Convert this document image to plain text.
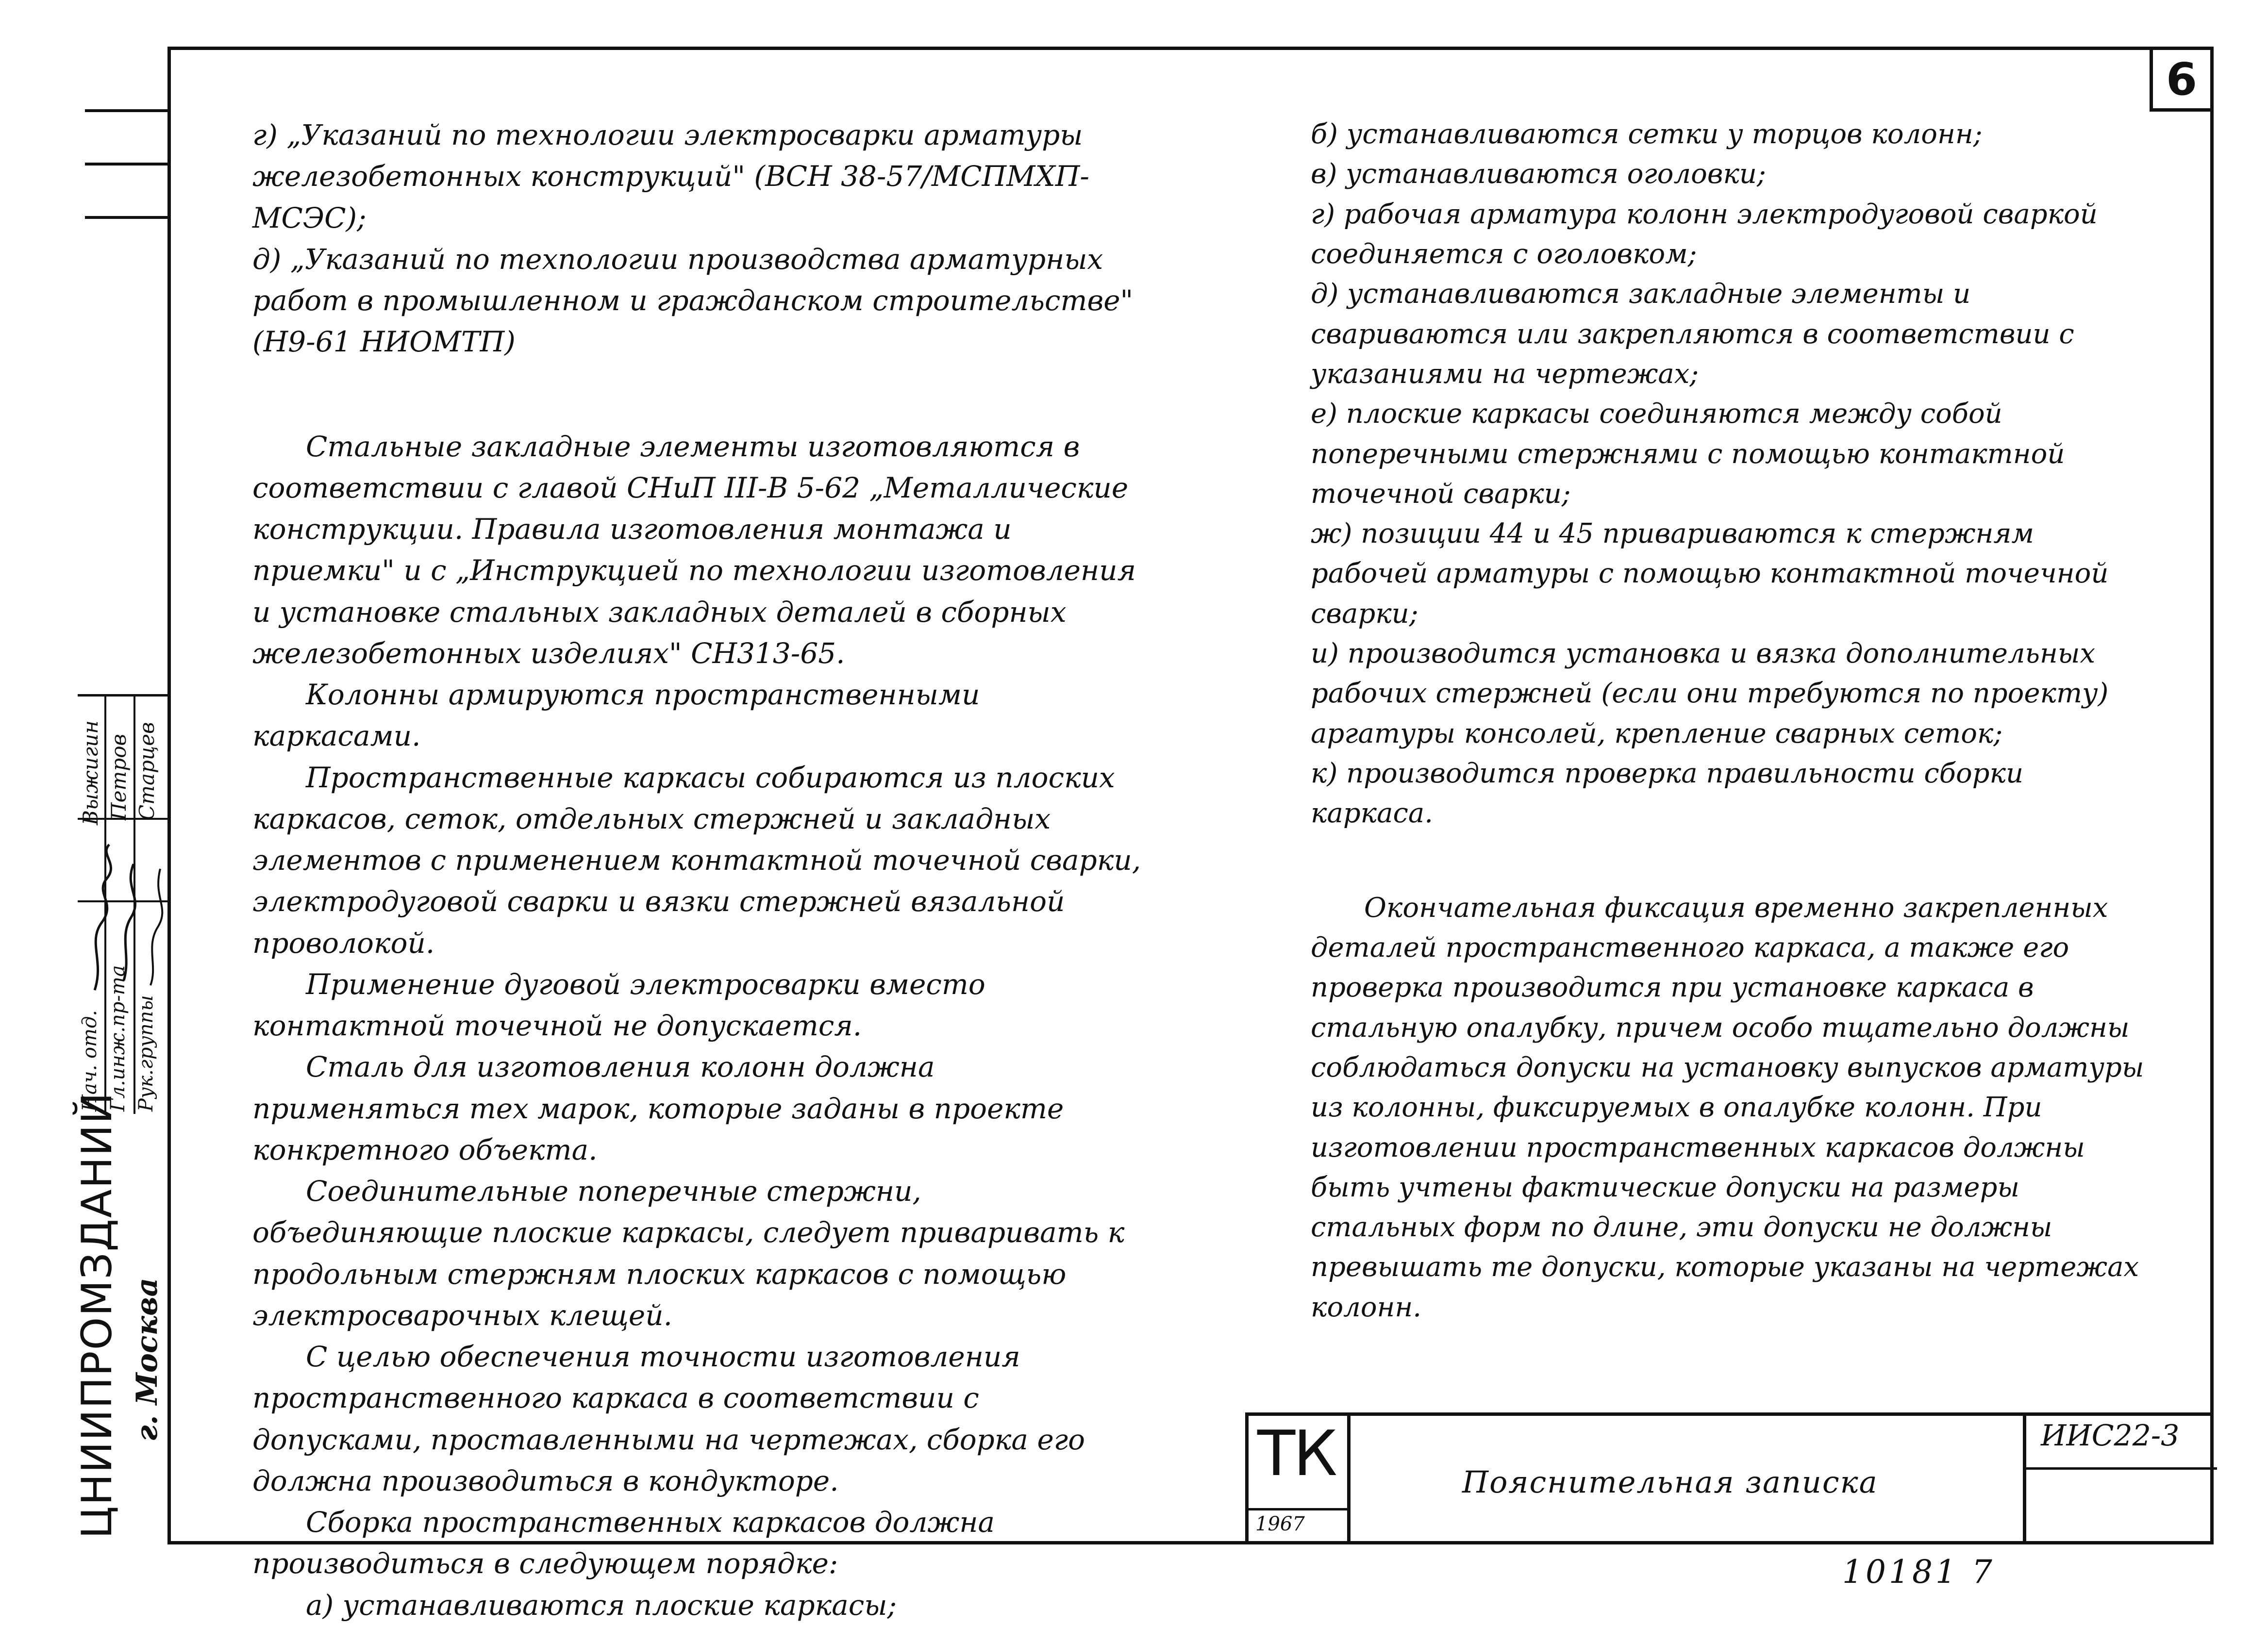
6

г) „Указаний по технологии электросварки арматуры железобетонных конструкций" (ВСН 38-57/МСПМХП- МСЭС);

д) „Указаний по техпологии производства арматурных работ в промышленном и гражданском строительстве" (Н9-61 НИОМТП)

Стальные закладные элементы изготовляются в соответствии с главой СНиП III-В 5-62 „Металлические конструкции. Правила изготовления монтажа и приемки" и с „Инструкцией по технологии изготовления и установке стальных закладных деталей в сборных железобетонных изделиях" СН313-65.

Колонны армируются пространственными каркасами.

Пространственные каркасы собираются из плоских каркасов, сеток, отдельных стержней и закладных элементов с применением контактной точечной сварки, электродуговой сварки и вязки стержней вязальной проволокой.

Применение дуговой электросварки вместо контактной точечной не допускается.

Сталь для изготовления колонн должна применяться тех марок, которые заданы в проекте конкретного объекта.

Соединительные поперечные стержни, объединяющие плоские каркасы, следует приваривать к продольным стержням плоских каркасов с помощью электросварочных клещей.

С целью обеспечения точности изготовления пространственного каркаса в соответствии с допусками, проставленными на чертежах, сборка его должна производиться в кондукторе.

Сборка пространственных каркасов должна производиться в следующем порядке:

а) устанавливаются плоские каркасы;

б) устанавливаются сетки у торцов колонн;

в) устанавливаются оголовки;

г) рабочая арматура колонн электродуговой сваркой соединяется с оголовком;

д) устанавливаются закладные элементы и свариваются или закрепляются в соответствии с указаниями на чертежах;

е) плоские каркасы соединяются между собой поперечными стержнями с помощью контактной точечной сварки;

ж) позиции 44 и 45 привариваются к стержням рабочей арматуры с помощью контактной точечной сварки;

и) производится установка и вязка дополнительных рабочих стержней (если они требуются по проекту) аргатуры консолей, крепление сварных сеток;

к) производится проверка правильности сборки каркаса.

Окончательная фиксация временно закрепленных деталей пространственного каркаса, а также его проверка производится при установке каркаса в стальную опалубку, причем особо тщательно должны соблюдаться допуски на установку выпусков арматуры из колонны, фиксируемых в опалубке колонн. При изготовлении пространственных каркасов должны быть учтены фактические допуски на размеры стальных форм по длине, эти допуски не должны превышать те допуски, которые указаны на чертежах колонн.

Нач. отд. Гл.инж.пр-та Рук.группы
Выжигин Петров Старцев
ЦНИИПРОМЗДАНИЙ г. Москва
ТК
1967
Пояснительная записка
ИИС22-3
10181 7
